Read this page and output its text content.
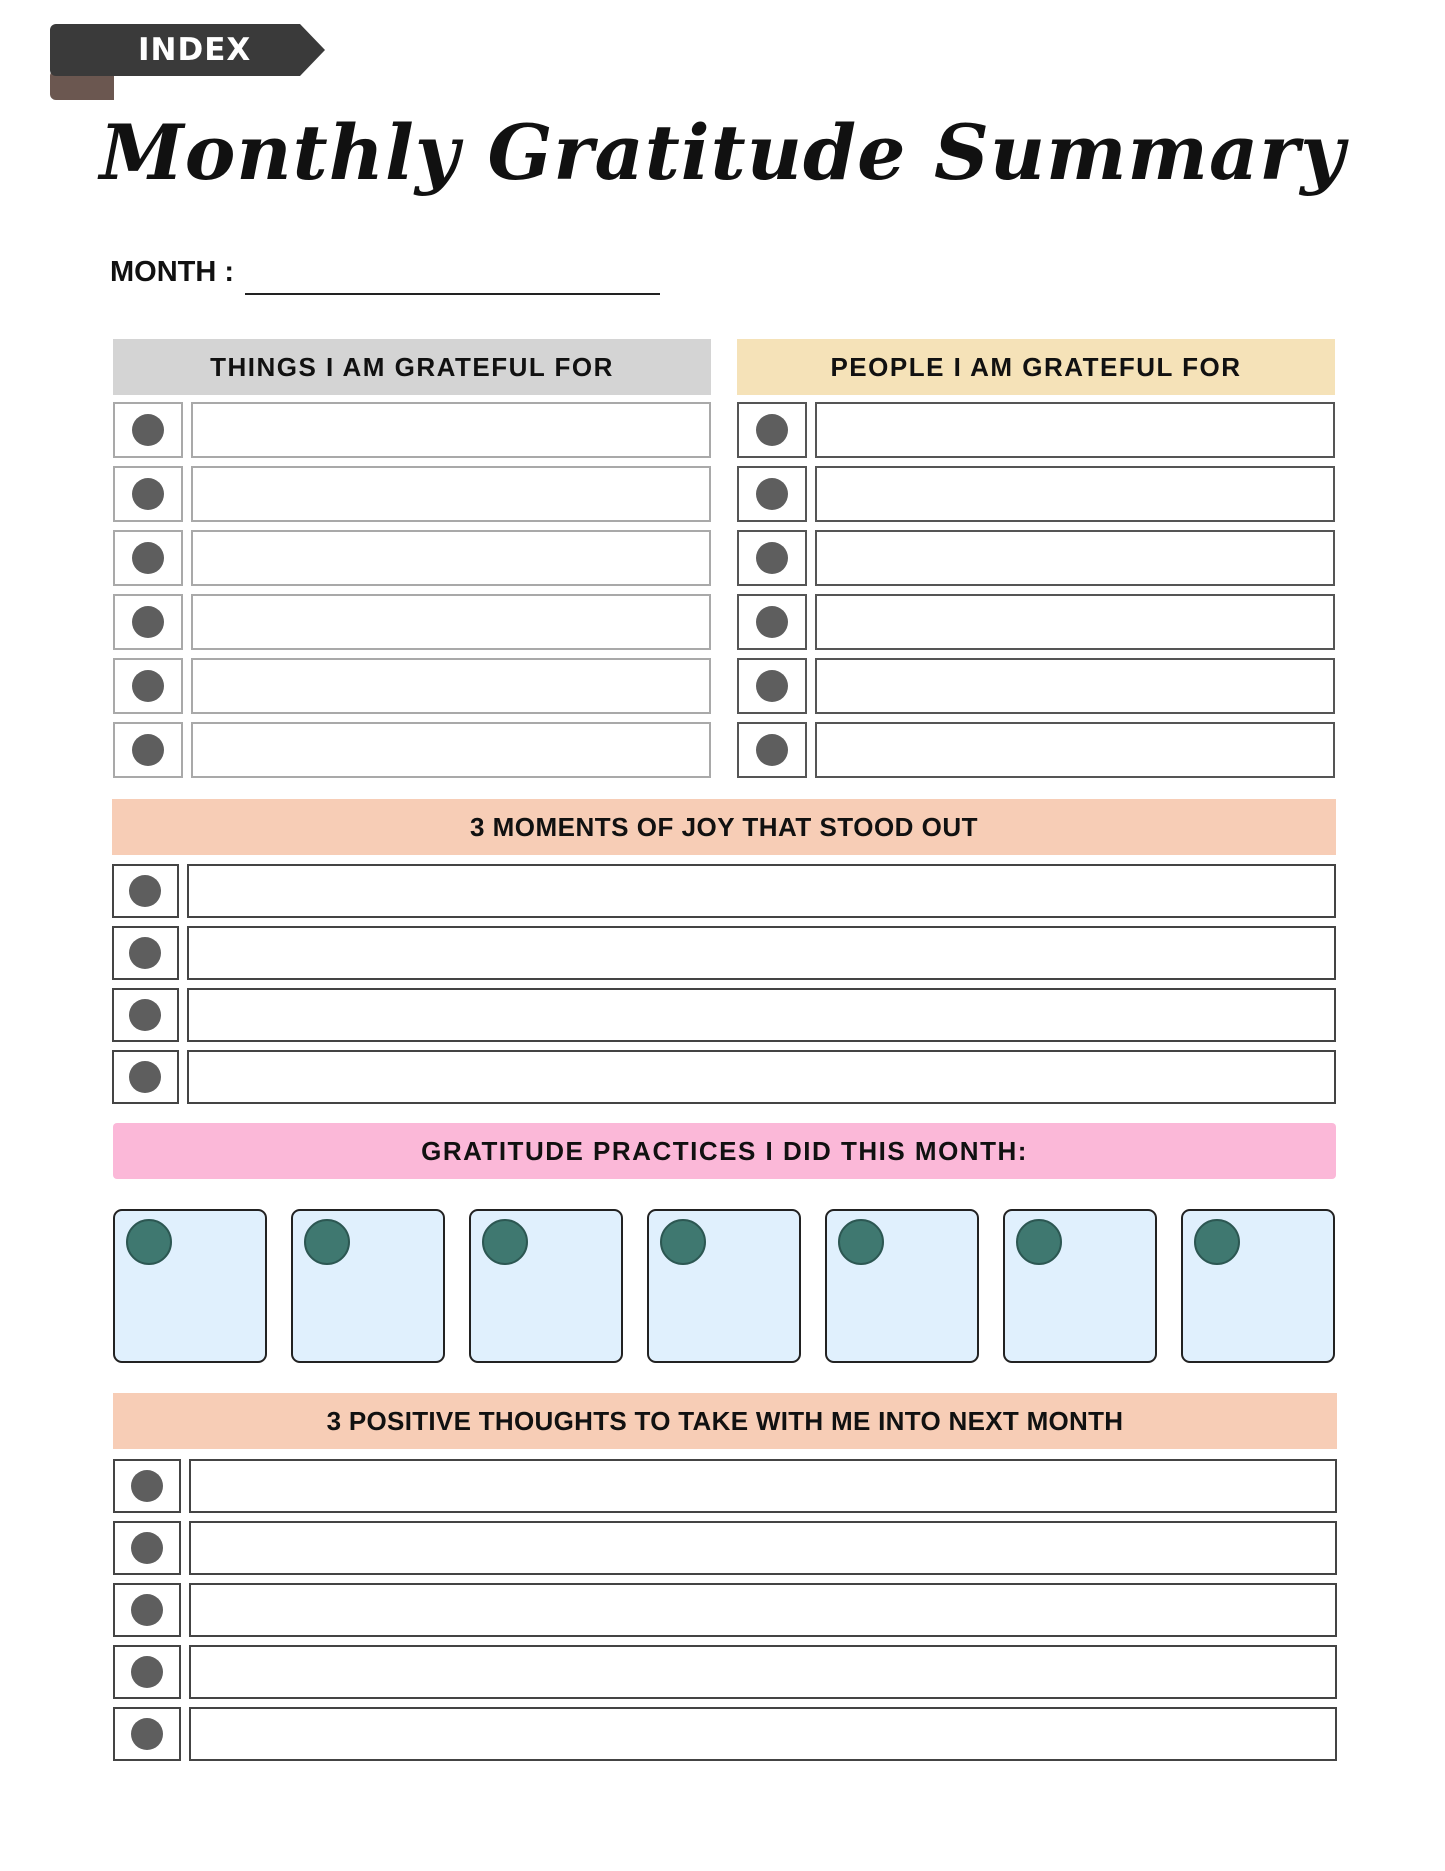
INDEX
Monthly Gratitude Summary
MONTH :
THINGS I AM GRATEFUL FOR	PEOPLE I AM GRATEFUL FOR
3 MOMENTS OF JOY THAT STOOD OUT
GRATITUDE PRACTICES I DID THIS MONTH:
3 POSITIVE THOUGHTS TO TAKE WITH ME INTO NEXT MONTH
